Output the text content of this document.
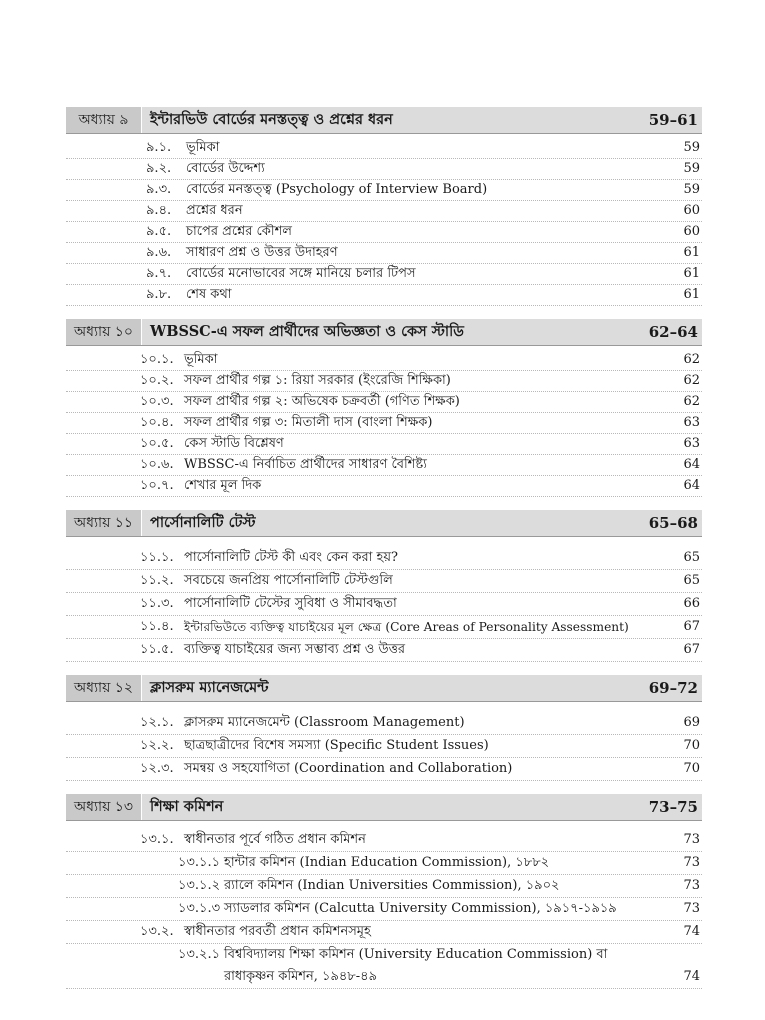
অধ্যায় ৯	ইন্টারভিউ বোর্ডের মনস্তত্ত্ব ও প্রশ্নের ধরন	59–61
৯.১.	ভূমিকা	59
৯.২.	বোর্ডের উদ্দেশ্য	59
৯.৩.	বোর্ডের মনস্তত্ত্ব (Psychology of Interview Board)	59
৯.৪.	প্রশ্নের ধরন	60
৯.৫.	চাপের প্রশ্নের কৌশল	60
৯.৬.	সাধারণ প্রশ্ন ও উত্তর উদাহরণ	61
৯.৭.	বোর্ডের মনোভাবের সঙ্গে মানিয়ে চলার টিপস	61
৯.৮.	শেষ কথা	61
অধ্যায় ১০	WBSSC-এ সফল প্রার্থীদের অভিজ্ঞতা ও কেস স্টাডি	62–64
১০.১. ভূমিকা	62
১০.২. সফল প্রার্থীর গল্প ১: রিয়া সরকার (ইংরেজি শিক্ষিকা)	62
১০.৩. সফল প্রার্থীর গল্প ২: অভিষেক চক্রবর্তী (গণিত শিক্ষক)	62
১০.৪. সফল প্রার্থীর গল্প ৩: মিতালী দাস (বাংলা শিক্ষক)	63
১০.৫. কেস স্টাডি বিশ্লেষণ	63
১০.৬. WBSSC-এ নির্বাচিত প্রার্থীদের সাধারণ বৈশিষ্ট্য	64
১০.৭. শেখার মূল দিক	64
অধ্যায় ১১	পার্সোনালিটি টেস্ট	65–68
১১.১. পার্সোনালিটি টেস্ট কী এবং কেন করা হয়?	65
১১.২. সবচেয়ে জনপ্রিয় পার্সোনালিটি টেস্টগুলি	65
১১.৩. পার্সোনালিটি টেস্টের সুবিধা ও সীমাবদ্ধতা	66
১১.৪. ইন্টারভিউতে ব্যক্তিত্ব যাচাইয়ের মূল ক্ষেত্র (Core Areas of Personality Assessment)	67
১১.৫. ব্যক্তিত্ব যাচাইয়ের জন্য সম্ভাব্য প্রশ্ন ও উত্তর	67
অধ্যায় ১২	ক্লাসরুম ম্যানেজমেন্ট	69–72
১২.১. ক্লাসরুম ম্যানেজমেন্ট (Classroom Management)	69
১২.২. ছাত্রছাত্রীদের বিশেষ সমস্যা (Specific Student Issues)	70
১২.৩. সমন্বয় ও সহযোগিতা (Coordination and Collaboration)	70
অধ্যায় ১৩	শিক্ষা কমিশন	73–75
১৩.১. স্বাধীনতার পূর্বে গঠিত প্রধান কমিশন	73
১৩.১.১ হান্টার কমিশন (Indian Education Commission), ১৮৮২	73
১৩.১.২ র‍্যালে কমিশন (Indian Universities Commission), ১৯০২	73
১৩.১.৩ স্যাডলার কমিশন (Calcutta University Commission), ১৯১৭-১৯১৯	73
১৩.২. স্বাধীনতার পরবর্তী প্রধান কমিশনসমূহ	74
১৩.২.১ বিশ্ববিদ্যালয় শিক্ষা কমিশন (University Education Commission) বা রাধাকৃষ্ণন কমিশন, ১৯৪৮-৪৯	74
